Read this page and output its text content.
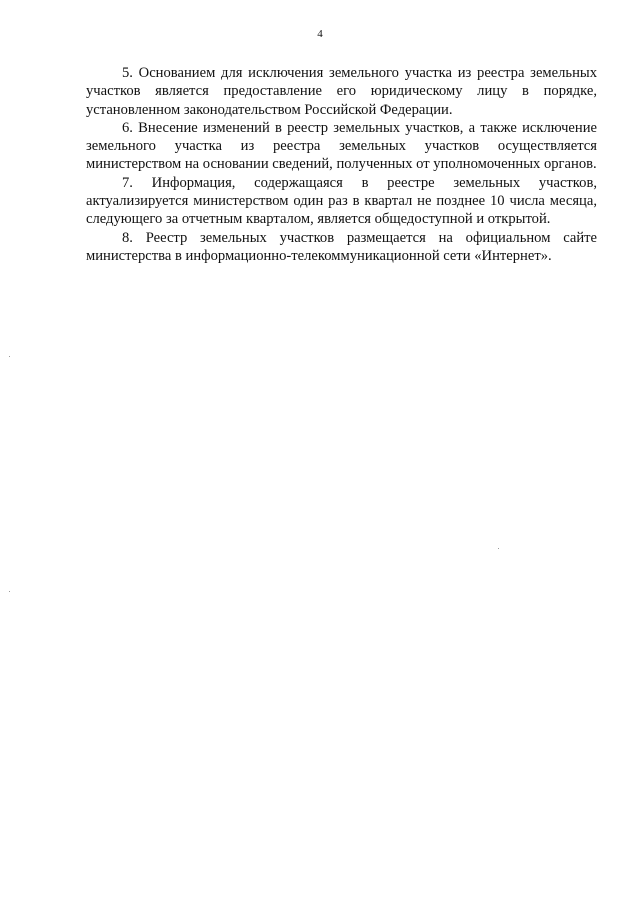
4

5. Основанием для исключения земельного участка из реестра земельных участков является предоставление его юридическому лицу в порядке, установленном законодательством Российской Федерации.

6. Внесение изменений в реестр земельных участков, а также исключение земельного участка из реестра земельных участков осуществляется министерством на основании сведений, полученных от уполномоченных органов.

7. Информация, содержащаяся в реестре земельных участков, актуализируется министерством один раз в квартал не позднее 10 числа месяца, следующего за отчетным кварталом, является общедоступной и открытой.

8. Реестр земельных участков размещается на официальном сайте министерства в информационно-телекоммуникационной сети «Интернет».
